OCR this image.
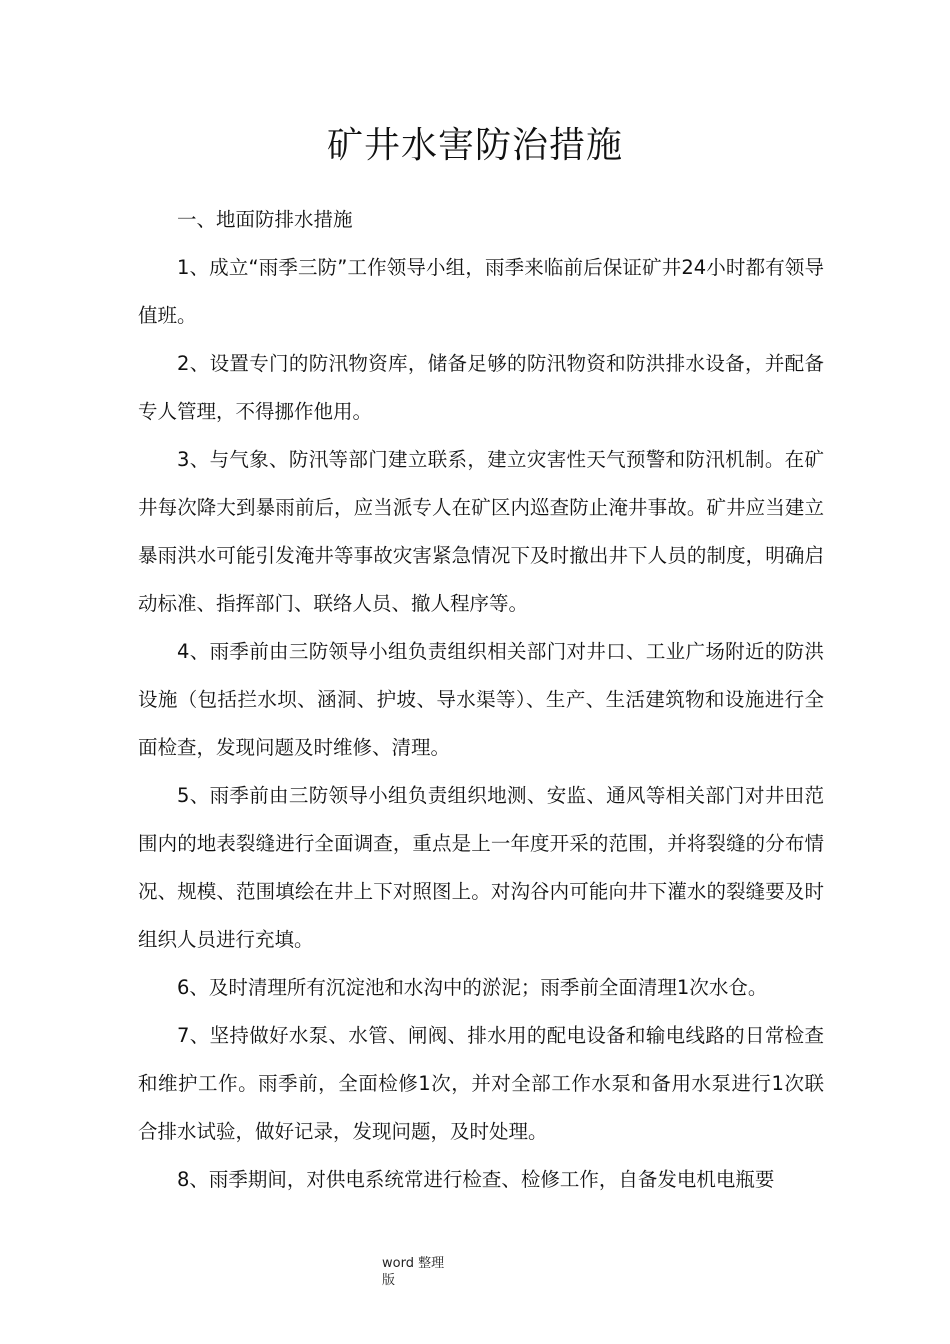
矿井水害防治措施

一、地面防排水措施

1、成立“雨季三防”工作领导小组，雨季来临前后保证矿井24小时都有领导值班。

2、设置专门的防汛物资库，储备足够的防汛物资和防洪排水设备，并配备专人管理，不得挪作他用。

3、与气象、防汛等部门建立联系，建立灾害性天气预警和防汛机制。在矿井每次降大到暴雨前后，应当派专人在矿区内巡查防止淹井事故。矿井应当建立暴雨洪水可能引发淹井等事故灾害紧急情况下及时撤出井下人员的制度，明确启动标准、指挥部门、联络人员、撤人程序等。

4、雨季前由三防领导小组负责组织相关部门对井口、工业广场附近的防洪设施（包括拦水坝、涵洞、护坡、导水渠等）、生产、生活建筑物和设施进行全面检查，发现问题及时维修、清理。

5、雨季前由三防领导小组负责组织地测、安监、通风等相关部门对井田范围内的地表裂缝进行全面调查，重点是上一年度开采的范围，并将裂缝的分布情况、规模、范围填绘在井上下对照图上。对沟谷内可能向井下灌水的裂缝要及时组织人员进行充填。

6、及时清理所有沉淀池和水沟中的淤泥；雨季前全面清理1次水仓。

7、坚持做好水泵、水管、闸阀、排水用的配电设备和输电线路的日常检查和维护工作。雨季前，全面检修1次，并对全部工作水泵和备用水泵进行1次联合排水试验，做好记录，发现问题，及时处理。

8、雨季期间，对供电系统常进行检查、检修工作，自备发电机电瓶要

word 整理版
